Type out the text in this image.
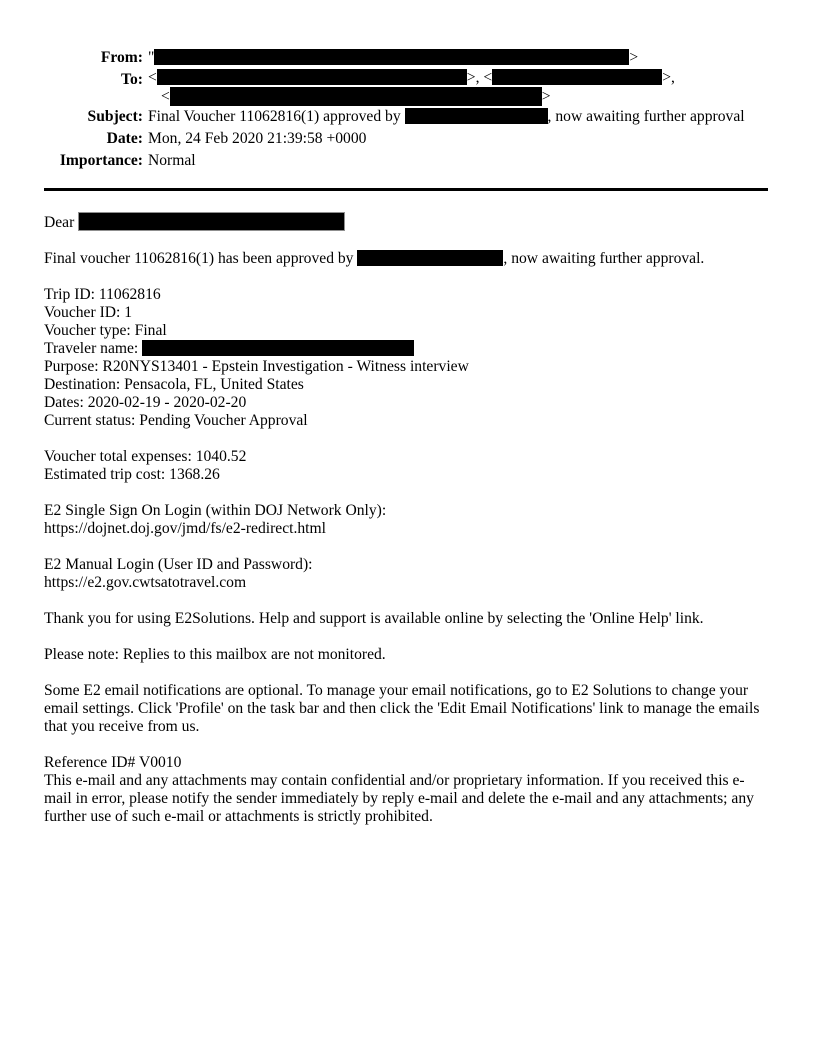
From: "	>
To: <	>, <	>,
<	>
Subject: Final Voucher 11062816(1) approved by	, now awaiting further approval
Date: Mon, 24 Feb 2020 21:39:58 +0000
Importance: Normal
Dear
Final voucher 11062816(1) has been approved by	, now awaiting further approval.
Trip ID: 11062816
Voucher ID: 1
Voucher type: Final
Traveler name:
Purpose: R20NYS13401 - Epstein Investigation - Witness interview
Destination: Pensacola, FL, United States
Dates: 2020-02-19 - 2020-02-20
Current status: Pending Voucher Approval
Voucher total expenses: 1040.52
Estimated trip cost: 1368.26
E2 Single Sign On Login (within DOJ Network Only):
https://dojnet.doj.gov/jmd/fs/e2-redirect.html
E2 Manual Login (User ID and Password):
https://e2.gov.cwtsatotravel.com
Thank you for using E2Solutions. Help and support is available online by selecting the 'Online Help' link.
Please note: Replies to this mailbox are not monitored.
Some E2 email notifications are optional. To manage your email notifications, go to E2 Solutions to change your email settings. Click 'Profile' on the task bar and then click the 'Edit Email Notifications' link to manage the emails that you receive from us.
Reference ID# V0010
This e-mail and any attachments may contain confidential and/or proprietary information. If you received this e-mail in error, please notify the sender immediately by reply e-mail and delete the e-mail and any attachments; any further use of such e-mail or attachments is strictly prohibited.
